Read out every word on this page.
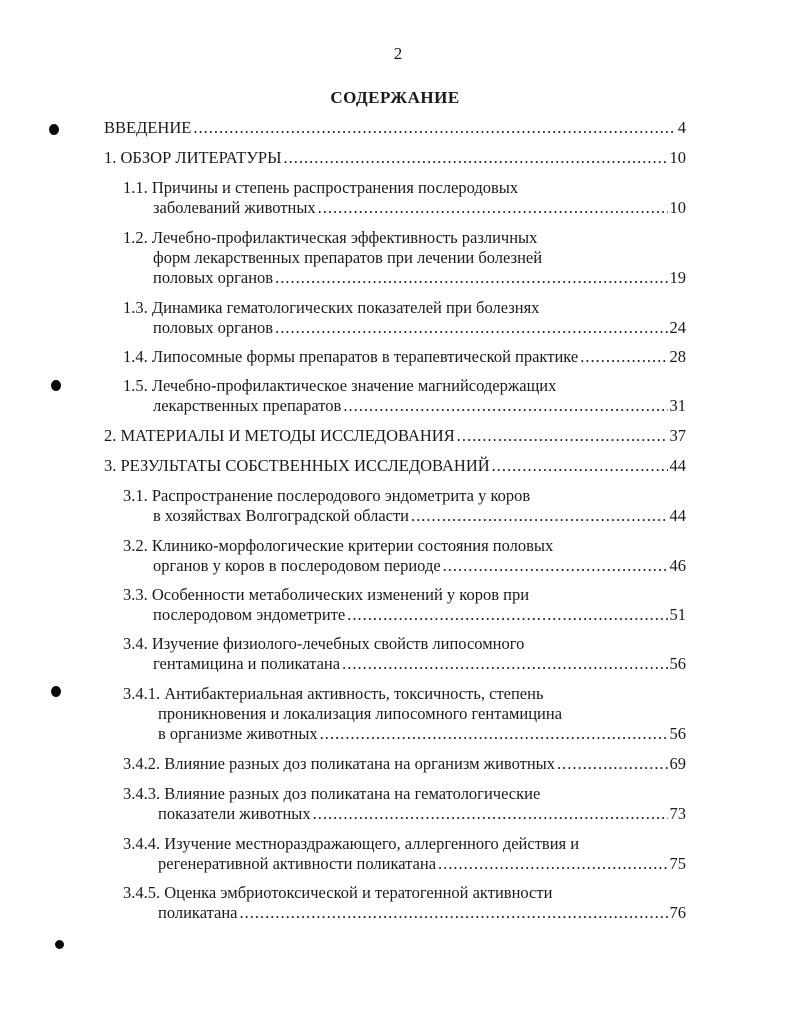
2
СОДЕРЖАНИЕ
ВВЕДЕНИЕ .....	4
1. ОБЗОР ЛИТЕРАТУРЫ .....	10
1.1. Причины и степень распространения послеродовых
заболеваний животных .....	10
1.2. Лечебно-профилактическая эффективность различных
форм лекарственных препаратов при лечении болезней
половых органов .....	19
1.3. Динамика гематологических показателей при болезнях
половых органов .....	24
1.4. Липосомные формы препаратов в терапевтической практике .....	28
1.5. Лечебно-профилактическое значение магнийсодержащих
лекарственных препаратов .....	31
2. МАТЕРИАЛЫ И МЕТОДЫ ИССЛЕДОВАНИЯ .....	37
3. РЕЗУЛЬТАТЫ СОБСТВЕННЫХ ИССЛЕДОВАНИЙ .....	44
3.1. Распространение послеродового эндометрита у коров
в хозяйствах Волгоградской области .....	44
3.2. Клинико-морфологические критерии состояния половых
органов у коров в послеродовом периоде .....	46
3.3. Особенности метаболических изменений у коров при
послеродовом эндометрите .....	51
3.4. Изучение физиолого-лечебных свойств липосомного
гентамицина и поликатана .....	56
3.4.1. Антибактериальная активность, токсичность, степень
проникновения и локализация липосомного гентамицина
в организме животных .....	56
3.4.2. Влияние разных доз поликатана на организм животных .....	69
3.4.3. Влияние разных доз поликатана на гематологические
показатели животных .....	73
3.4.4. Изучение местнораздражающего, аллергенного действия и
регенеративной активности поликатана .....	75
3.4.5. Оценка эмбриотоксической и тератогенной активности
поликатана .....	76
